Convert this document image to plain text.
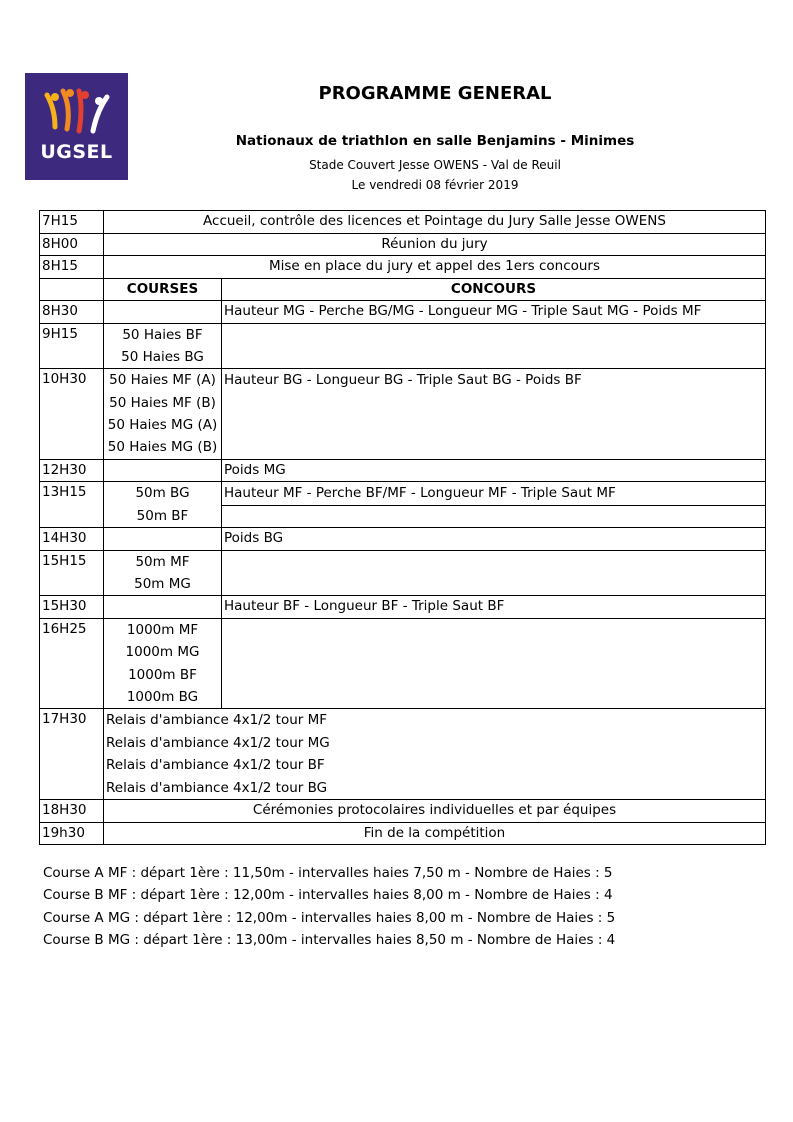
UGSEL
PROGRAMME GENERAL
Nationaux de triathlon en salle Benjamins - Minimes
Stade Couvert Jesse OWENS - Val de Reuil
Le vendredi 08 février 2019
7H15	Accueil, contrôle des licences et Pointage du Jury Salle Jesse OWENS	
8H00	Réunion du jury	
8H15	Mise en place du jury et appel des 1ers concours	
	COURSES	CONCOURS
8H30		Hauteur MG - Perche BG/MG - Longueur MG - Triple Saut MG - Poids MF
9H15	50 Haies BF
50 Haies BG	

10H30	50 Haies MF (A)
50 Haies MF (B)
50 Haies MG (A)
50 Haies MG (B)	Hauteur BG - Longueur BG - Triple Saut BG - Poids BF

12H30		Poids MG
13H15	50m BG
50m BF	Hauteur MF - Perche BF/MF - Longueur MF - Triple Saut MF

14H30		Poids BG
15H15	50m MF
50m MG	

15H30		Hauteur BF - Longueur BF - Triple Saut BF
16H25	1000m MF
1000m MG
1000m BF
1000m BG	

17H30	Relais d'ambiance 4x1/2 tour MF
Relais d'ambiance 4x1/2 tour MG
Relais d'ambiance 4x1/2 tour BF
Relais d'ambiance 4x1/2 tour BG	

18H30	Cérémonies protocolaires individuelles et par équipes	
19h30	Fin de la compétition	
Course A MF : départ 1ère : 11,50m - intervalles haies 7,50 m - Nombre de Haies : 5
Course B MF : départ 1ère : 12,00m - intervalles haies 8,00 m - Nombre de Haies : 4
Course A MG : départ 1ère : 12,00m - intervalles haies 8,00 m - Nombre de Haies : 5
Course B MG : départ 1ère : 13,00m - intervalles haies 8,50 m - Nombre de Haies : 4
